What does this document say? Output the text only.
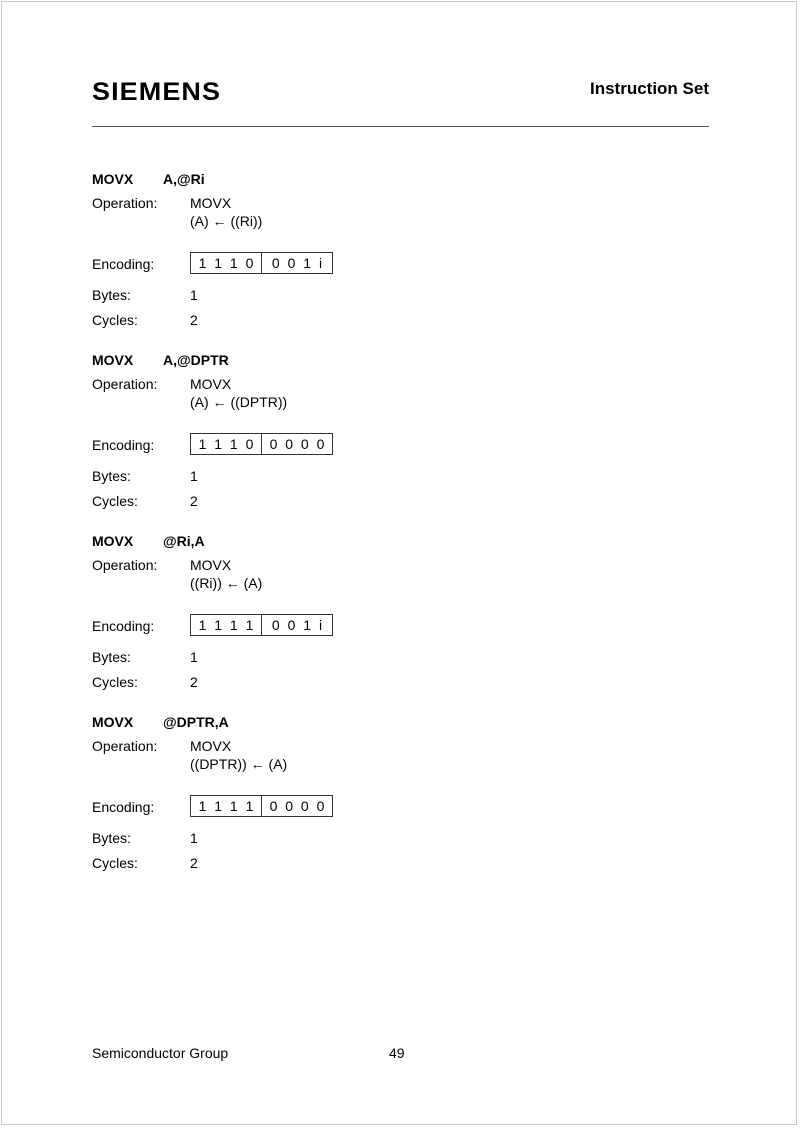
SIEMENS	Instruction Set
MOVX A,@Ri
Operation: MOVX
(A) ← ((Ri))
Encoding:	1 1 1 0	0 0 1 i
Bytes:	1
Cycles:	2
MOVX A,@DPTR
Operation: MOVX
(A) ← ((DPTR))
Encoding:	1 1 1 0	0 0 0 0
Bytes:	1
Cycles:	2
MOVX @Ri,A
Operation: MOVX
((Ri)) ← (A)
Encoding:	1 1 1 1	0 0 1 i
Bytes:	1
Cycles:	2
MOVX @DPTR,A
Operation: MOVX
((DPTR)) ← (A)
Encoding:	1 1 1 1	0 0 0 0
Bytes:	1
Cycles:	2
Semiconductor Group	49
